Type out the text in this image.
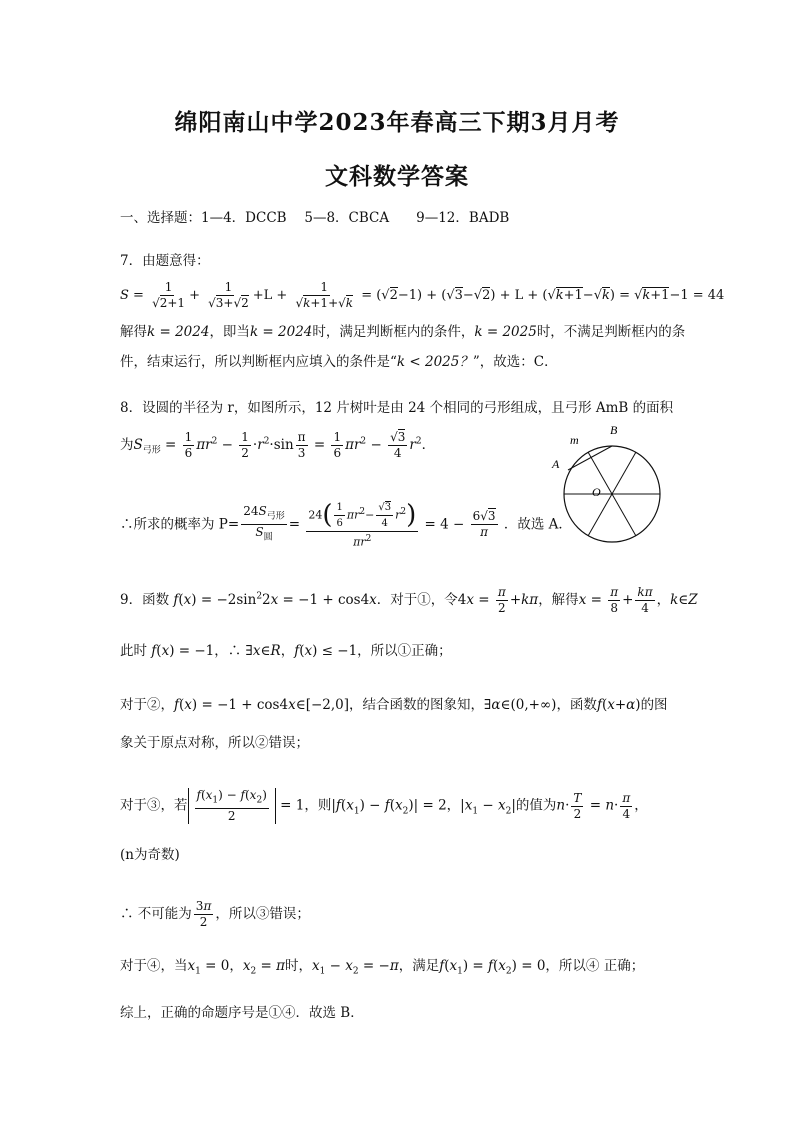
绵阳南山中学2023年春高三下期3月月考
文科数学答案
一、选择题：1—4．DCCB　 5—8．CBCA　　9—12．BADB
7．由题意得：
$S = \frac{1}{√2+1} + \frac{1}{√3+√2} +L + \frac{1}{√k+1+√k} = (√2-1) + (√3-√2) + L + (√k+1-√k) = √k+1-1 = 44$
解得k = 2024，即当k = 2024时，满足判断框内的条件，k = 2025时，不满足判断框内的条
件，结束运行，所以判断框内应填入的条件是“k < 2025？”，故选：C．
8．设圆的半径为 r，如图所示，12 片树叶是由 24 个相同的弓形组成，且弓形 AmB 的面积
为$S_{弓形} = \frac{1}{6} \pi r^2 - \frac{1}{2} \cdot r^2\cdot\sin \frac{\pi}{3} = \frac{1}{6} \pi r^2 - \frac{√3}{4} r^2$．
∴所求的概率为 $P= \frac{24S_{弓形}}{S_圆} = \frac{24( \frac{1}{6} \pi r^2- \frac{√3}{4} r^2)}{\pi r^2} = 4 - \frac{6√3}{\pi}$ ．故选 A．
A
B
m
O
9．函数 $f(x) = -2\sin^22x = -1 + \cos 4x$．对于①，令$4x = \frac{\pi}{2} +k\pi$，解得$x = \frac{\pi}{8} + \frac{k\pi}{4}$ ，k∈Z
此时 f(x) = −1，∴ ∃x∈R，f(x) ≤ −1，所以①正确；
对于②，f(x) = −1 + cos4x∈[−2,0]，结合函数的图象知，∃α∈(0,+∞)，函数f(x+α)的图
象关于原点对称，所以②错误；
对于③，若 $\frac{f(x_1) - f(x_2)}{2} = 1$，则$|f(x_1) - f(x_2)| = 2$，$|x_1 - x_2|$的值为$n\cdot \frac{T}{2} = n\cdot \frac{\pi}{4}$ ，
(n为奇数)
∴ 不可能为 $\frac{3\pi}{2}$ ，所以③错误；
对于④，当$x_1 = 0$，$x_2 = \pi$时，$x_1 - x_2 = -\pi$，满足$f(x_1) = f(x_2) = 0$，所以④ 正确；
综上，正确的命题序号是①④．故选 B．
